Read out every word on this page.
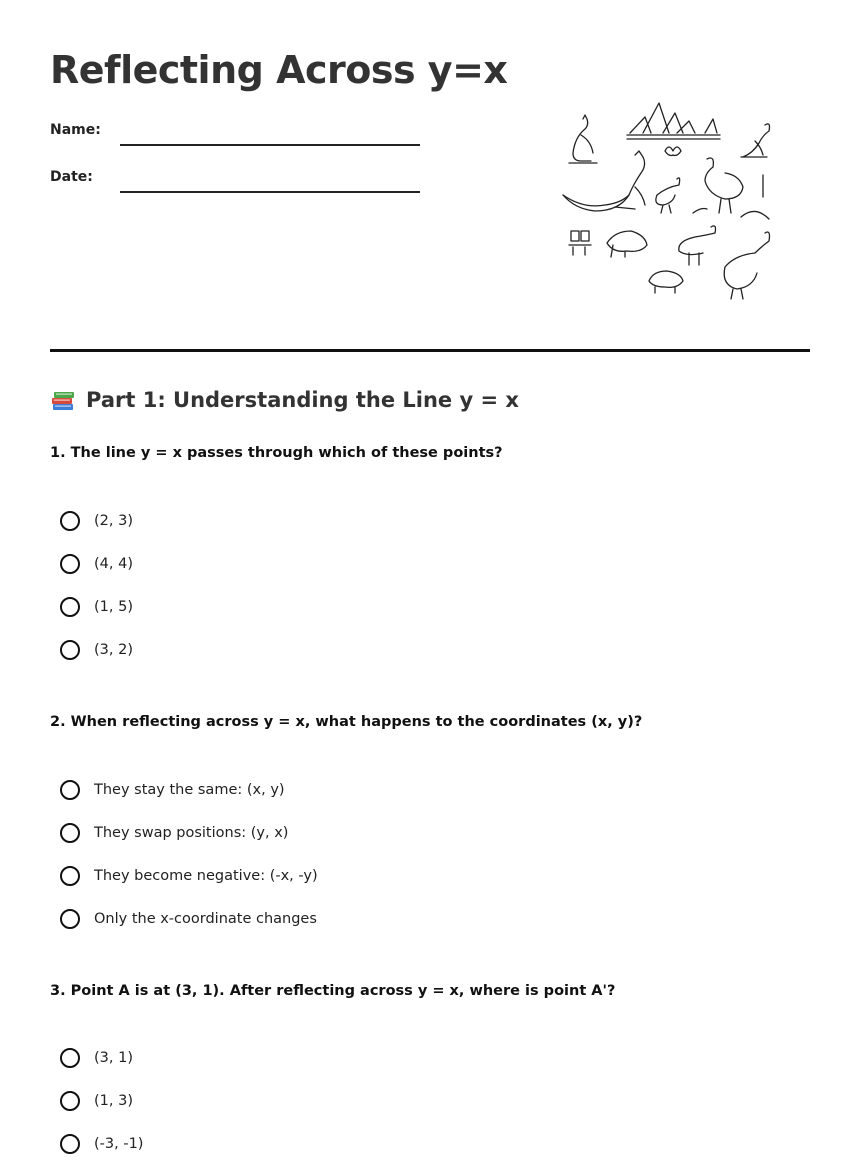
Reflecting Across y=x
Name:
Date:
Part 1: Understanding the Line y = x

1. The line y = x passes through which of these points?

(2, 3)
(4, 4)
(1, 5)
(3, 2)

2. When reflecting across y = x, what happens to the coordinates (x, y)?

They stay the same: (x, y)
They swap positions: (y, x)
They become negative: (-x, -y)
Only the x-coordinate changes

3. Point A is at (3, 1). After reflecting across y = x, where is point A'?

(3, 1)
(1, 3)
(-3, -1)
